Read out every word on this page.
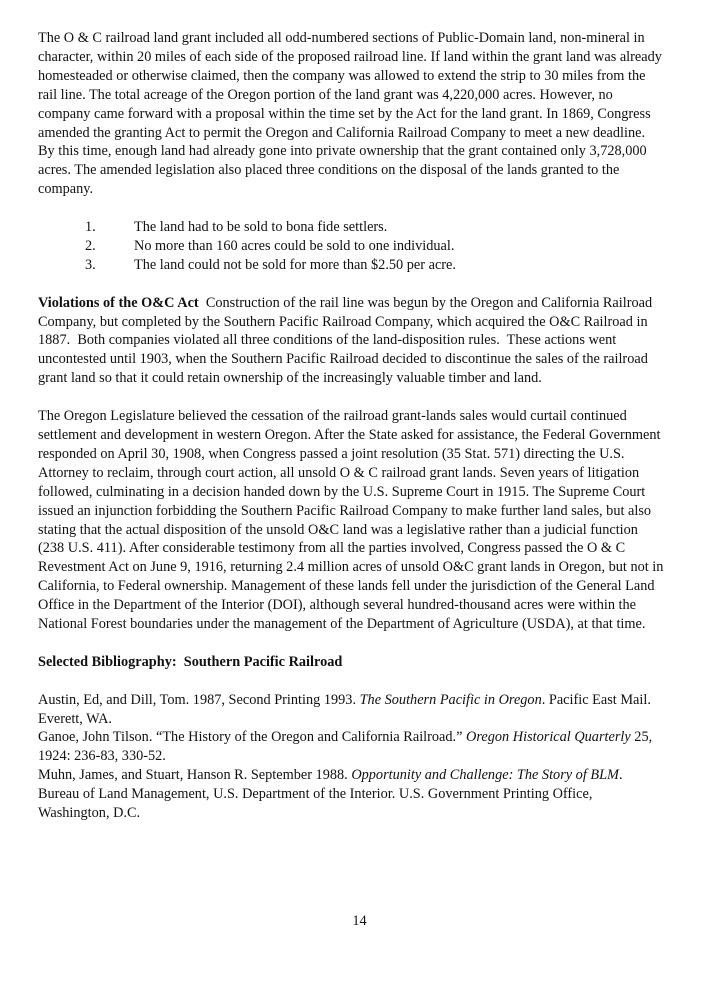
The O & C railroad land grant included all odd-numbered sections of Public-Domain land, non-mineral in character, within 20 miles of each side of the proposed railroad line. If land within the grant land was already homesteaded or otherwise claimed, then the company was allowed to extend the strip to 30 miles from the rail line. The total acreage of the Oregon portion of the land grant was 4,220,000 acres. However, no company came forward with a proposal within the time set by the Act for the land grant. In 1869, Congress amended the granting Act to permit the Oregon and California Railroad Company to meet a new deadline. By this time, enough land had already gone into private ownership that the grant contained only 3,728,000 acres. The amended legislation also placed three conditions on the disposal of the lands granted to the company.

1.	The land had to be sold to bona fide settlers.
2.	No more than 160 acres could be sold to one individual.
3.	The land could not be sold for more than $2.50 per acre.

Violations of the O&C Act  Construction of the rail line was begun by the Oregon and California Railroad Company, but completed by the Southern Pacific Railroad Company, which acquired the O&C Railroad in 1887.  Both companies violated all three conditions of the land-disposition rules.  These actions went uncontested until 1903, when the Southern Pacific Railroad decided to discontinue the sales of the railroad grant land so that it could retain ownership of the increasingly valuable timber and land.

The Oregon Legislature believed the cessation of the railroad grant-lands sales would curtail continued settlement and development in western Oregon. After the State asked for assistance, the Federal Government responded on April 30, 1908, when Congress passed a joint resolution (35 Stat. 571) directing the U.S. Attorney to reclaim, through court action, all unsold O & C railroad grant lands. Seven years of litigation followed, culminating in a decision handed down by the U.S. Supreme Court in 1915. The Supreme Court issued an injunction forbidding the Southern Pacific Railroad Company to make further land sales, but also stating that the actual disposition of the unsold O&C land was a legislative rather than a judicial function (238 U.S. 411). After considerable testimony from all the parties involved, Congress passed the O & C Revestment Act on June 9, 1916, returning 2.4 million acres of unsold O&C grant lands in Oregon, but not in California, to Federal ownership. Management of these lands fell under the jurisdiction of the General Land Office in the Department of the Interior (DOI), although several hundred-thousand acres were within the National Forest boundaries under the management of the Department of Agriculture (USDA), at that time.

Selected Bibliography:  Southern Pacific Railroad

Austin, Ed, and Dill, Tom. 1987, Second Printing 1993. The Southern Pacific in Oregon. Pacific East Mail. Everett, WA.

Ganoe, John Tilson. “The History of the Oregon and California Railroad.” Oregon Historical Quarterly 25, 1924: 236-83, 330-52.

Muhn, James, and Stuart, Hanson R. September 1988. Opportunity and Challenge: The Story of BLM. Bureau of Land Management, U.S. Department of the Interior. U.S. Government Printing Office, Washington, D.C.

14
